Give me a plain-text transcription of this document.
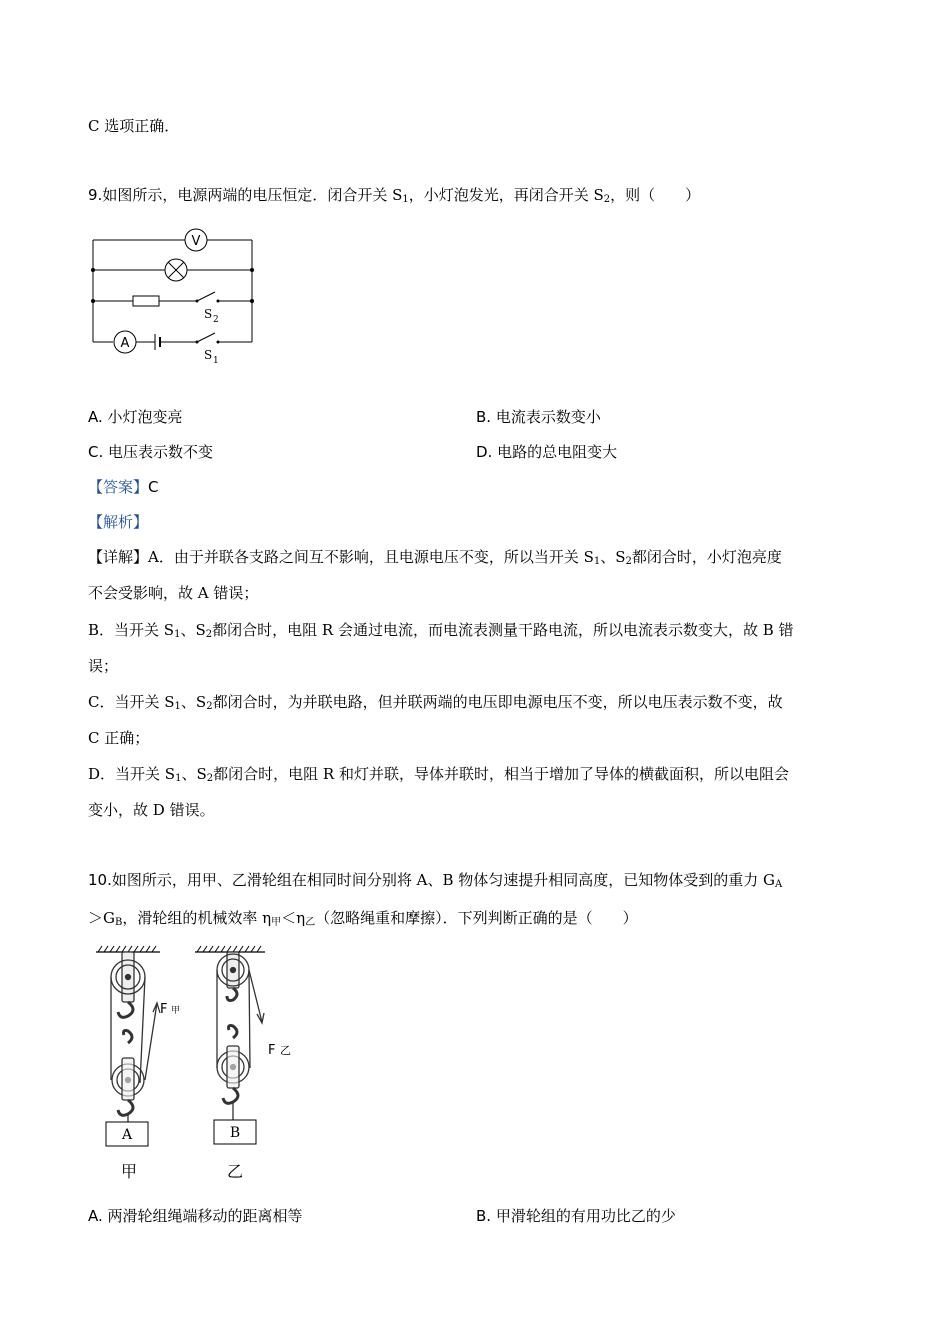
C 选项正确．
9.如图所示，电源两端的电压恒定．闭合开关 $S_1$，小灯泡发光，再闭合开关 $S_2$，则（　　）
V
A
S 2
S 1
A. 小灯泡变亮	B. 电流表示数变小
C. 电压表示数不变	D. 电路的总电阻变大
【答案】C
【解析】
【详解】A．由于并联各支路之间互不影响，且电源电压不变，所以当开关 $S_1$、$S_2$都闭合时，小灯泡亮度
不会受影响，故 A 错误；
B．当开关 $S_1$、$S_2$都闭合时，电阻 R 会通过电流，而电流表测量干路电流，所以电流表示数变大，故 B 错
误；
C．当开关 $S_1$、$S_2$都闭合时，为并联电路，但并联两端的电压即电源电压不变，所以电压表示数不变，故
C 正确；
D．当开关 $S_1$、$S_2$都闭合时，电阻 R 和灯并联，导体并联时，相当于增加了导体的横截面积，所以电阻会
变小，故 D 错误。
10.如图所示，用甲、乙滑轮组在相同时间分别将 A、B 物体匀速提升相同高度，已知物体受到的重力 $G_A$
$>G_B$，滑轮组的机械效率 $\eta_甲<\eta_乙$（忽略绳重和摩擦）．下列判断正确的是（　　）
F 甲
F 乙
A	B
甲	乙
A. 两滑轮组绳端移动的距离相等	B. 甲滑轮组的有用功比乙的少
